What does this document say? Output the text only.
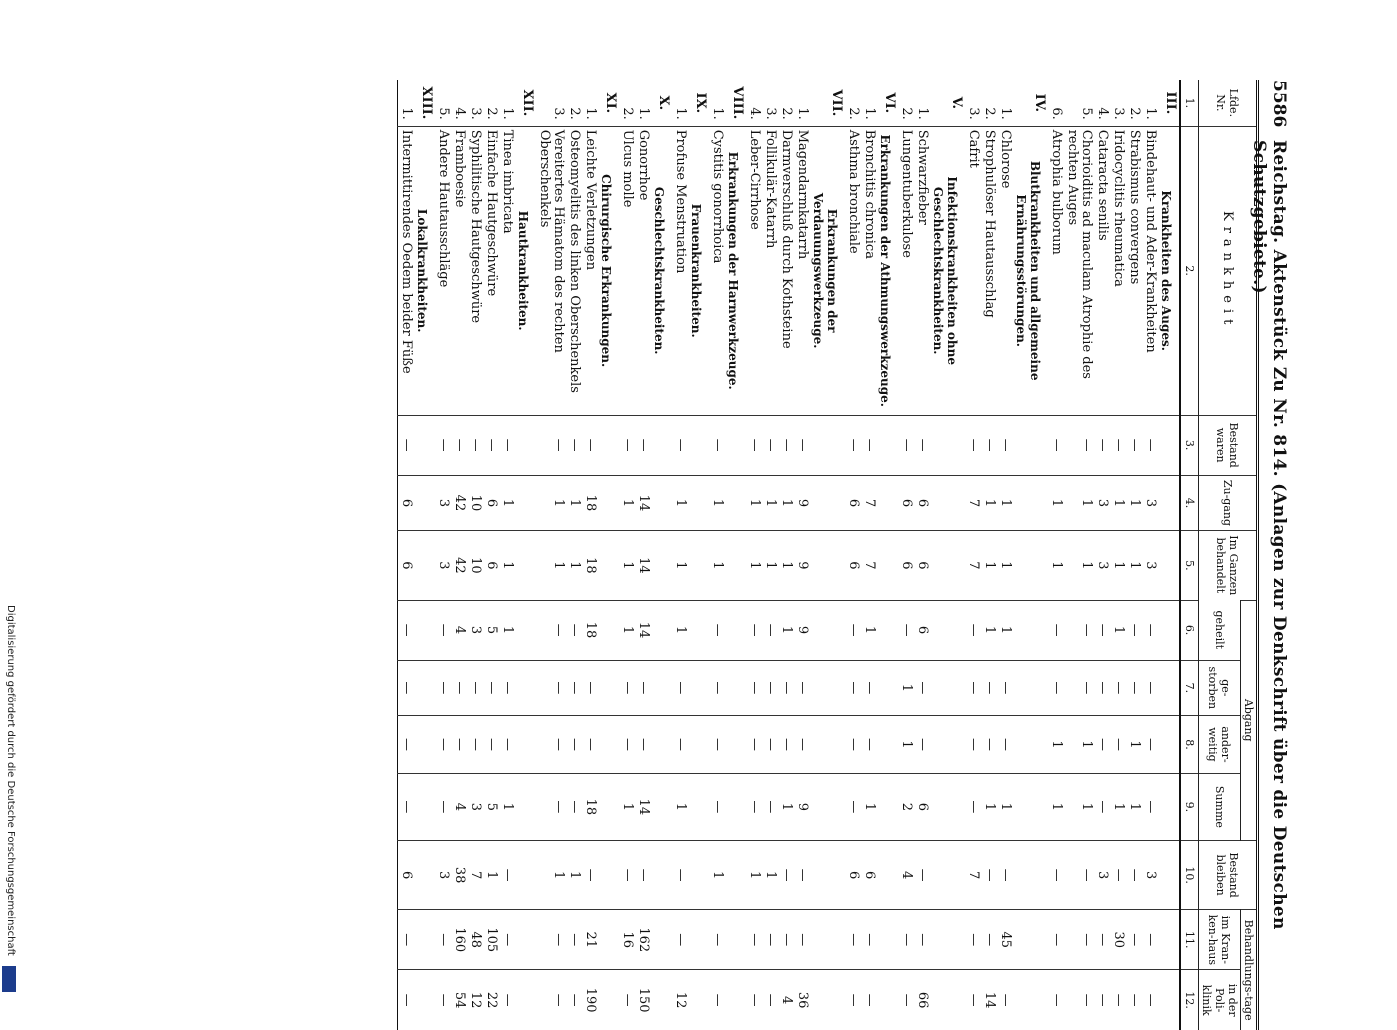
5586
Reichstag. Aktenstück Zu Nr. 814. (Anlagen zur Denkschrift über die Deutschen Schutzgebiete.)
Lfde. Nr.	Krankheit	Bestand waren	Zu-gang	Im Ganzen behandelt	Abgang				Bestand bleiben	Behandlungs-tage	
					geheilt	ge-storben	ander-weitig	Summe		im Kran-ken-haus	in der Poli-klinik
1.	2.	3.	4.	5.	6.	7.	8.	9.	10.	11.	12.
III.	Krankheiten des Auges.										
1.	Bindehaut- und Ader-Krankheiten	—	3	3	—	—	—	—	3	—	—
2.	Strabismus convergens	—	1	1	—	—	1	1	—	—	—
3.	Iridocyclitis rheumatica	—	1	1	1	—	—	1	—	30	—
4.	Cataracta senilis	—	3	3	—	—	—	—	3	—	—
5.	Chorioiditis ad maculam Atrophie des rechten Auges	—	1	1	—	—	1	1	—	—	—
6.	Atrophia bulborum	—	1	1	—	—	1	1	—	—	—
IV.	Blutkrankheiten und allgemeine Ernährungsstörungen.										
1.	Chlorose	—	1	1	1	—	—	1	—	45	—
2.	Strophulöser Hautausschlag	—	1	1	1	—	—	1	—	—	14
3.	Cafrit	—	7	7	—	—	—	—	7	—	—
V.	Infektionskrankheiten ohne Geschlechtskrankheiten.										
1.	Schwarzfieber	—	6	6	6	—	—	6	—	—	66
2.	Lungentuberkulose	—	6	6	—	1	1	2	4	—	—
VI.	Erkrankungen der Athmungswerkzeuge.										
1.	Bronchitis chronica	—	7	7	1	—	—	1	6	—	—
2.	Asthma bronchiale	—	6	6	—	—	—	—	6	—	—
VII.	Erkrankungen der Verdauungswerkzeuge.										
1.	Magendarmkatarrh	—	9	9	9	—	—	9	—	—	36
2.	Darmverschluß durch Kothsteine	—	1	1	1	—	—	1	—	—	4
3.	Follikulär-Katarrh	—	1	1	—	—	—	—	1	—	—
4.	Leber-Cirrhose	—	1	1	—	—	—	—	1	—	—
VIII.	Erkrankungen der Harnwerkzeuge.										
1.	Cystitis gonorrhoica	—	1	1	—	—	—	—	1	—	—
IX.	Frauenkrankheiten.										
1.	Profuse Menstruation	—	1	1	1	—	—	1	—	—	12
X.	Geschlechtskrankheiten.										
1.	Gonorrhoe	—	14	14	14	—	—	14	—	162	150
2.	Ulcus molle	—	1	1	1	—	—	1	—	16	—
XI.	Chirurgische Erkrankungen.										
1.	Leichte Verletzungen	—	18	18	18	—	—	18	—	21	190
2.	Osteomyelitis des linken Oberschenkels	—	1	1	—	—	—	—	1	—	—
3.	Vereitertes Hämatom des rechten Oberschenkels	—	1	1	—	—	—	—	1	—	—
XII.	Hautkrankheiten.										
1.	Tinea imbricata	—	1	1	1	—	—	1	—	—	—
2.	Einfache Hautgeschwüre	—	6	6	5	—	—	5	1	105	22
3.	Syphilitische Hautgeschwüre	—	10	10	3	—	—	3	7	48	12
4.	Framboesie	—	42	42	4	—	—	4	38	160	54
5.	Andere Hautausschläge	—	3	3	—	—	—	—	3	—	—
XIII.	Lokalkrankheiten.										
1.	Intermittirendes Oedem beider Füße	—	6	6	—	—	—	—	6	—	—
Digitalisierung gefördert durch die Deutsche Forschungsgemeinschaft
